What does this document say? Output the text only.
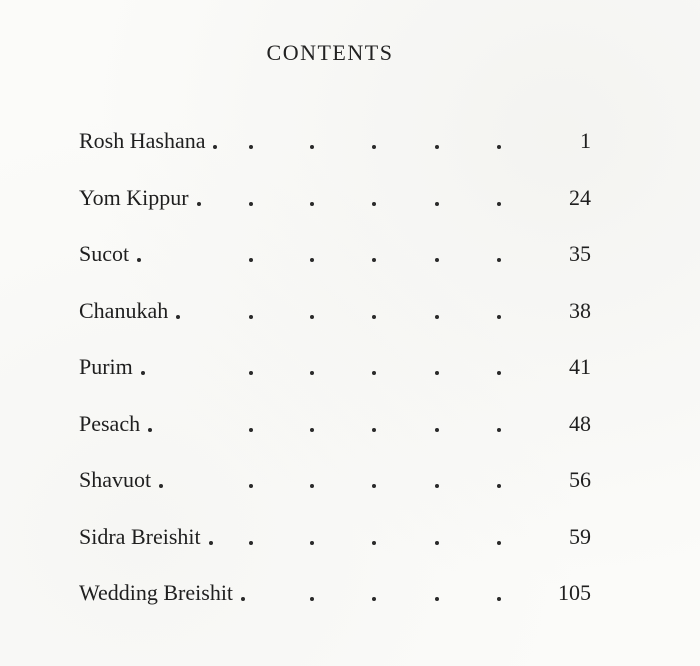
CONTENTS
Rosh Hashana	1
Yom Kippur	24
Sucot	35
Chanukah	38
Purim	41
Pesach	48
Shavuot	56
Sidra Breishit	59
Wedding Breishit	105
